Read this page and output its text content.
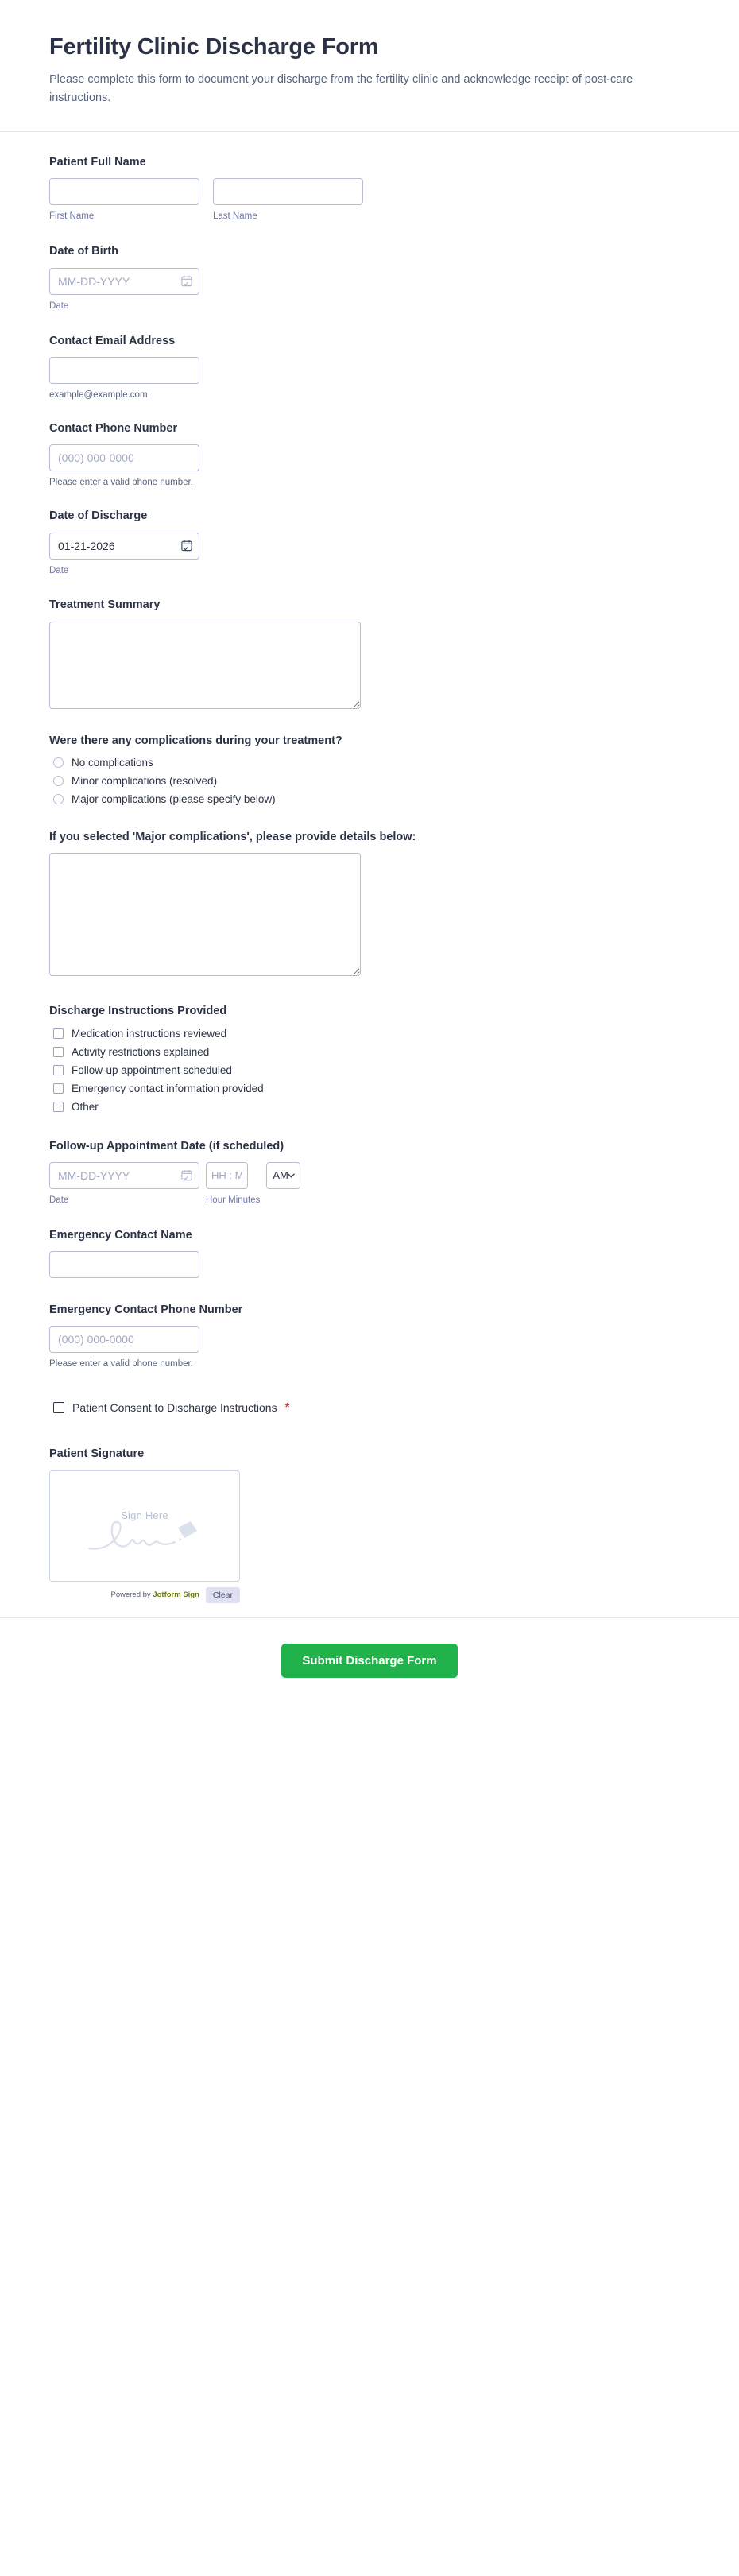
Fertility Clinic Discharge Form

Please complete this form to document your discharge from the fertility clinic and acknowledge receipt of post-care instructions.

Patient Full Name
First Name	Last Name
Date of Birth
MM-DD-YYYY
Date
Contact Email Address
example@example.com
Contact Phone Number
(000) 000-0000
Please enter a valid phone number.
Date of Discharge
01-21-2026
Date
Treatment Summary
Were there any complications during your treatment?
No complications
Minor complications (resolved)
Major complications (please specify below)
If you selected 'Major complications', please provide details below:
Discharge Instructions Provided
Medication instructions reviewed
Activity restrictions explained
Follow-up appointment scheduled
Emergency contact information provided
Other
Follow-up Appointment Date (if scheduled)
MM-DD-YYYY
Date
HH : MM	Hour Minutes
AM
Emergency Contact Name
Emergency Contact Phone Number
(000) 000-0000
Please enter a valid phone number.
Patient Consent to Discharge Instructions *
Patient Signature
Sign Here
Powered by Jotform Sign	Clear
Submit Discharge Form
